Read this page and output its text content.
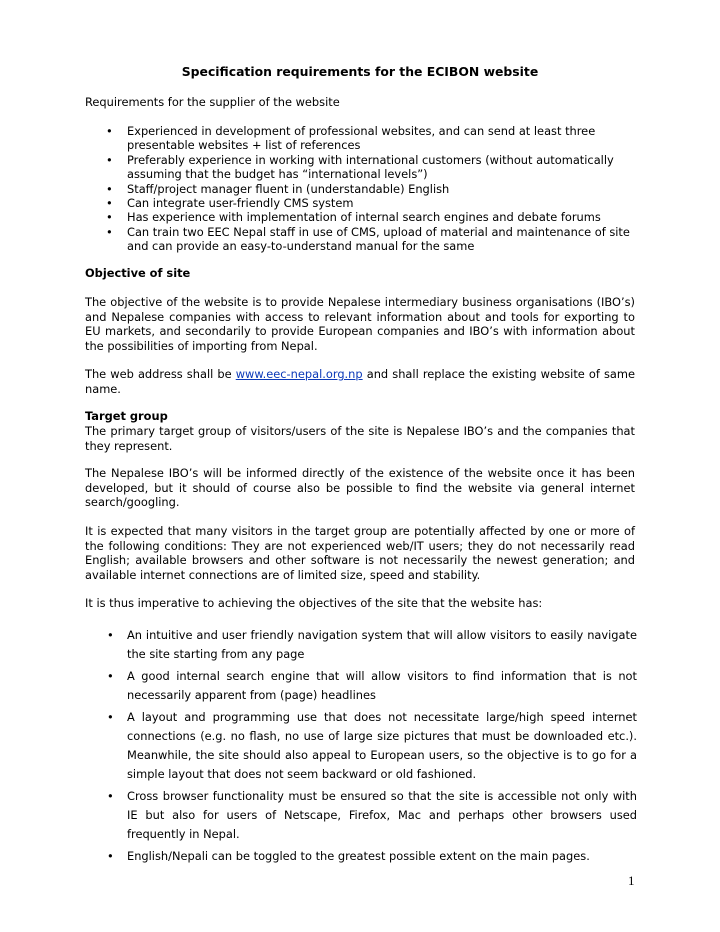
Specification requirements for the ECIBON website
Requirements for the supplier of the website
• Experienced in development of professional websites, and can send at least three presentable websites + list of references
• Preferably experience in working with international customers (without automatically assuming that the budget has “international levels”)
• Staff/project manager fluent in (understandable) English
• Can integrate user-friendly CMS system
• Has experience with implementation of internal search engines and debate forums
• Can train two EEC Nepal staff in use of CMS, upload of material and maintenance of site and can provide an easy-to-understand manual for the same
Objective of site
The objective of the website is to provide Nepalese intermediary business organisations (IBO’s) and Nepalese companies with access to relevant information about and tools for exporting to EU markets, and secondarily to provide European companies and IBO’s with information about the possibilities of importing from Nepal.
The web address shall be www.eec-nepal.org.np and shall replace the existing website of same name.
Target group
The primary target group of visitors/users of the site is Nepalese IBO’s and the companies that they represent.
The Nepalese IBO’s will be informed directly of the existence of the website once it has been developed, but it should of course also be possible to find the website via general internet search/googling.
It is expected that many visitors in the target group are potentially affected by one or more of the following conditions: They are not experienced web/IT users; they do not necessarily read English; available browsers and other software is not necessarily the newest generation; and available internet connections are of limited size, speed and stability.
It is thus imperative to achieving the objectives of the site that the website has:
• An intuitive and user friendly navigation system that will allow visitors to easily navigate the site starting from any page
• A good internal search engine that will allow visitors to find information that is not necessarily apparent from (page) headlines
• A layout and programming use that does not necessitate large/high speed internet connections (e.g. no flash, no use of large size pictures that must be downloaded etc.). Meanwhile, the site should also appeal to European users, so the objective is to go for a simple layout that does not seem backward or old fashioned.
• Cross browser functionality must be ensured so that the site is accessible not only with IE but also for users of Netscape, Firefox, Mac and perhaps other browsers used frequently in Nepal.
• English/Nepali can be toggled to the greatest possible extent on the main pages.
1
